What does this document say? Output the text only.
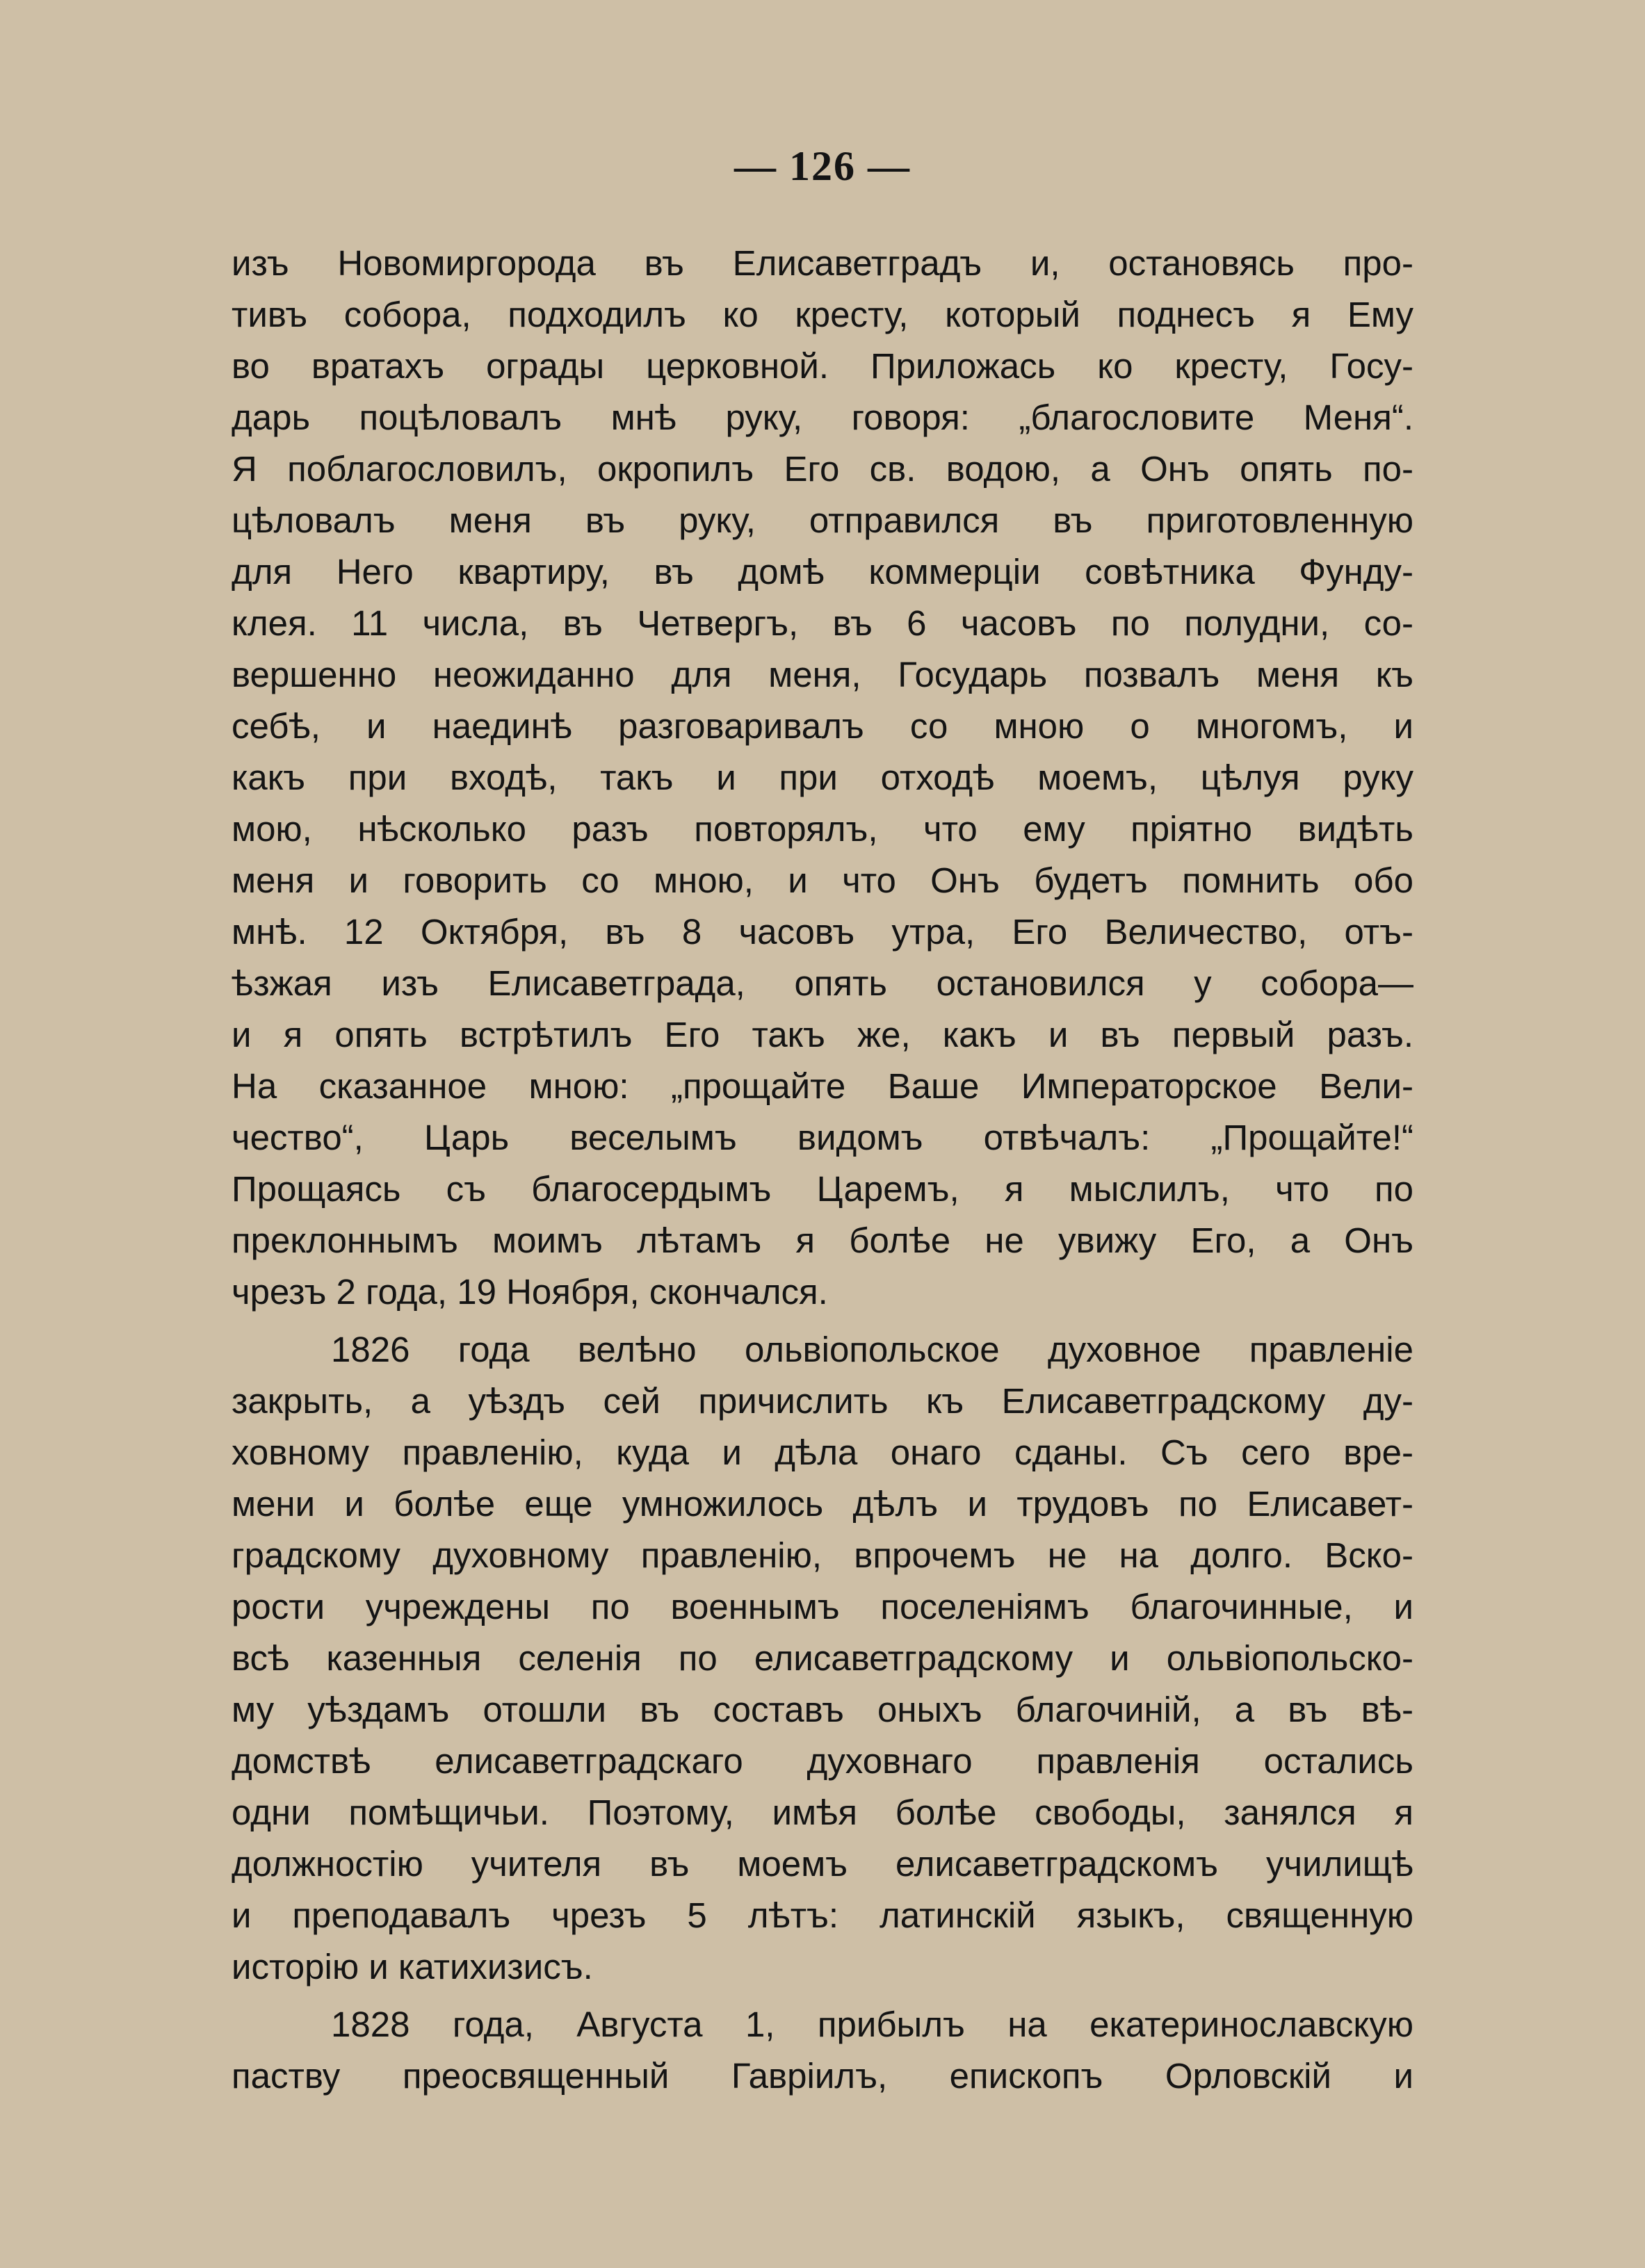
— 126 —
изъ Новомиргорода въ Елисаветградъ и, остановясь про-
тивъ собора, подходилъ ко кресту, который поднесъ я Ему
во вратахъ ограды церковной. Приложась ко кресту, Госу-
дарь поцѣловалъ мнѣ руку, говоря: „благословите Меня“.
Я поблагословилъ, окропилъ Его св. водою, а Онъ опять по-
цѣловалъ меня въ руку, отправился въ приготовленную
для Него квартиру, въ домѣ коммерціи совѣтника Фунду-
клея. 11 числа, въ Четвергъ, въ 6 часовъ по полудни, со-
вершенно неожиданно для меня, Государь позвалъ меня къ
себѣ, и наединѣ разговаривалъ со мною о многомъ, и
какъ при входѣ, такъ и при отходѣ моемъ, цѣлуя руку
мою, нѣсколько разъ повторялъ, что ему пріятно видѣть
меня и говорить со мною, и что Онъ будетъ помнить обо
мнѣ. 12 Октября, въ 8 часовъ утра, Его Величество, отъ-
ѣзжая изъ Елисаветграда, опять остановился у собора—
и я опять встрѣтилъ Его такъ же, какъ и въ первый разъ.
На сказанное мною: „прощайте Ваше Императорское Вели-
чество“, Царь веселымъ видомъ отвѣчалъ: „Прощайте!“
Прощаясь съ благосердымъ Царемъ, я мыслилъ, что по
преклоннымъ моимъ лѣтамъ я болѣе не увижу Его, а Онъ
чрезъ 2 года, 19 Ноября, скончался.
1826 года велѣно ольвіопольское духовное правленіе
закрыть, а уѣздъ сей причислить къ Елисаветградскому ду-
ховному правленію, куда и дѣла онаго сданы. Съ сего вре-
мени и болѣе еще умножилось дѣлъ и трудовъ по Елисавет-
градскому духовному правленію, впрочемъ не на долго. Вско-
рости учреждены по военнымъ поселеніямъ благочинные, и
всѣ казенныя селенія по елисаветградскому и ольвіопольско-
му уѣздамъ отошли въ составъ оныхъ благочиній, а въ вѣ-
домствѣ елисаветградскаго духовнаго правленія остались
одни помѣщичьи. Поэтому, имѣя болѣе свободы, занялся я
должностію учителя въ моемъ елисаветградскомъ училищѣ
и преподавалъ чрезъ 5 лѣтъ: латинскій языкъ, священную
исторію и катихизисъ.
1828 года, Августа 1, прибылъ на екатеринославскую
паству преосвященный Гавріилъ, епископъ Орловскій и
